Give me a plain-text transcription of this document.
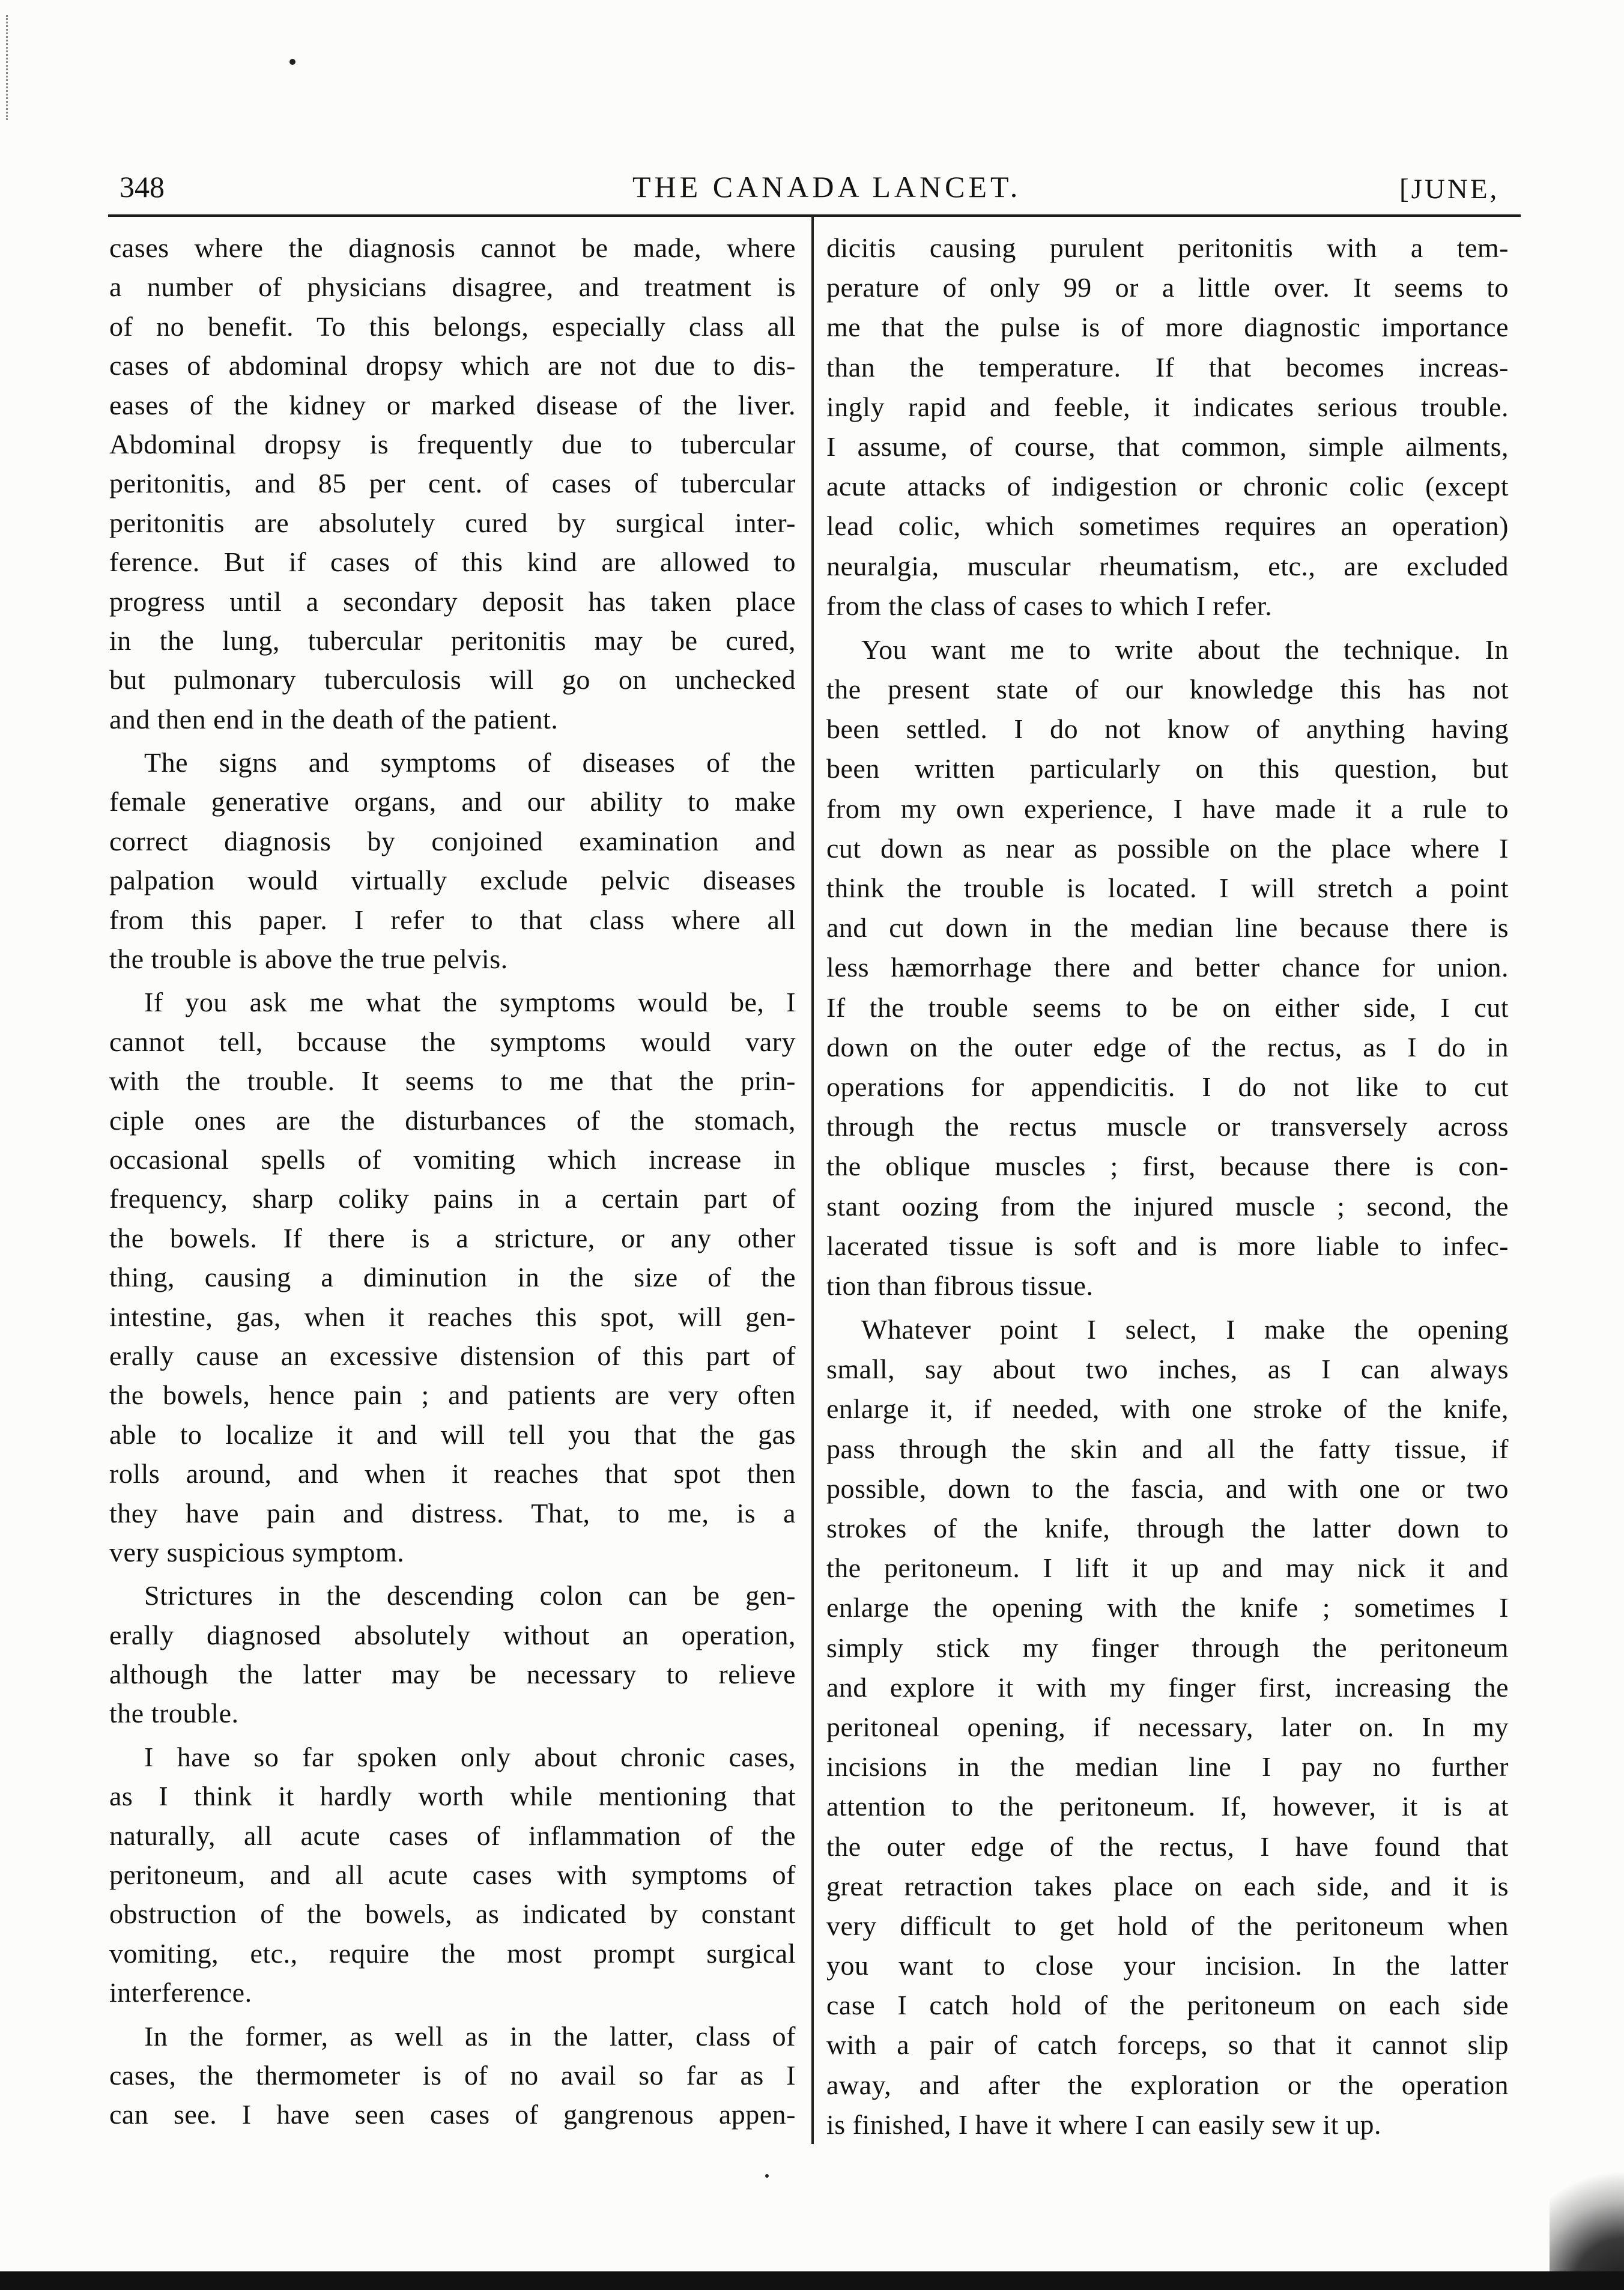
348	THE CANADA LANCET.	[JUNE,
cases where the diagnosis cannot be made, where
a number of physicians disagree, and treatment is
of no benefit. To this belongs, especially class all
cases of abdominal dropsy which are not due to dis-
eases of the kidney or marked disease of the liver.
Abdominal dropsy is frequently due to tubercular
peritonitis, and 85 per cent. of cases of tubercular
peritonitis are absolutely cured by surgical inter-
ference. But if cases of this kind are allowed to
progress until a secondary deposit has taken place
in the lung, tubercular peritonitis may be cured,
but pulmonary tuberculosis will go on unchecked
and then end in the death of the patient.
The signs and symptoms of diseases of the
female generative organs, and our ability to make
correct diagnosis by conjoined examination and
palpation would virtually exclude pelvic diseases
from this paper. I refer to that class where all
the trouble is above the true pelvis.
If you ask me what the symptoms would be, I
cannot tell, bccause the symptoms would vary
with the trouble. It seems to me that the prin-
ciple ones are the disturbances of the stomach,
occasional spells of vomiting which increase in
frequency, sharp coliky pains in a certain part of
the bowels. If there is a stricture, or any other
thing, causing a diminution in the size of the
intestine, gas, when it reaches this spot, will gen-
erally cause an excessive distension of this part of
the bowels, hence pain ; and patients are very often
able to localize it and will tell you that the gas
rolls around, and when it reaches that spot then
they have pain and distress. That, to me, is a
very suspicious symptom.
Strictures in the descending colon can be gen-
erally diagnosed absolutely without an operation,
although the latter may be necessary to relieve
the trouble.
I have so far spoken only about chronic cases,
as I think it hardly worth while mentioning that
naturally, all acute cases of inflammation of the
peritoneum, and all acute cases with symptoms of
obstruction of the bowels, as indicated by constant
vomiting, etc., require the most prompt surgical
interference.
In the former, as well as in the latter, class of
cases, the thermometer is of no avail so far as I
can see. I have seen cases of gangrenous appen-
dicitis causing purulent peritonitis with a tem-
perature of only 99 or a little over. It seems to
me that the pulse is of more diagnostic importance
than the temperature. If that becomes increas-
ingly rapid and feeble, it indicates serious trouble.
I assume, of course, that common, simple ailments,
acute attacks of indigestion or chronic colic (except
lead colic, which sometimes requires an operation)
neuralgia, muscular rheumatism, etc., are excluded
from the class of cases to which I refer.
You want me to write about the technique. In
the present state of our knowledge this has not
been settled. I do not know of anything having
been written particularly on this question, but
from my own experience, I have made it a rule to
cut down as near as possible on the place where I
think the trouble is located. I will stretch a point
and cut down in the median line because there is
less hæmorrhage there and better chance for union.
If the trouble seems to be on either side, I cut
down on the outer edge of the rectus, as I do in
operations for appendicitis. I do not like to cut
through the rectus muscle or transversely across
the oblique muscles ; first, because there is con-
stant oozing from the injured muscle ; second, the
lacerated tissue is soft and is more liable to infec-
tion than fibrous tissue.
Whatever point I select, I make the opening
small, say about two inches, as I can always
enlarge it, if needed, with one stroke of the knife,
pass through the skin and all the fatty tissue, if
possible, down to the fascia, and with one or two
strokes of the knife, through the latter down to
the peritoneum. I lift it up and may nick it and
enlarge the opening with the knife ; sometimes I
simply stick my finger through the peritoneum
and explore it with my finger first, increasing the
peritoneal opening, if necessary, later on. In my
incisions in the median line I pay no further
attention to the peritoneum. If, however, it is at
the outer edge of the rectus, I have found that
great retraction takes place on each side, and it is
very difficult to get hold of the peritoneum when
you want to close your incision. In the latter
case I catch hold of the peritoneum on each side
with a pair of catch forceps, so that it cannot slip
away, and after the exploration or the operation
is finished, I have it where I can easily sew it up.
